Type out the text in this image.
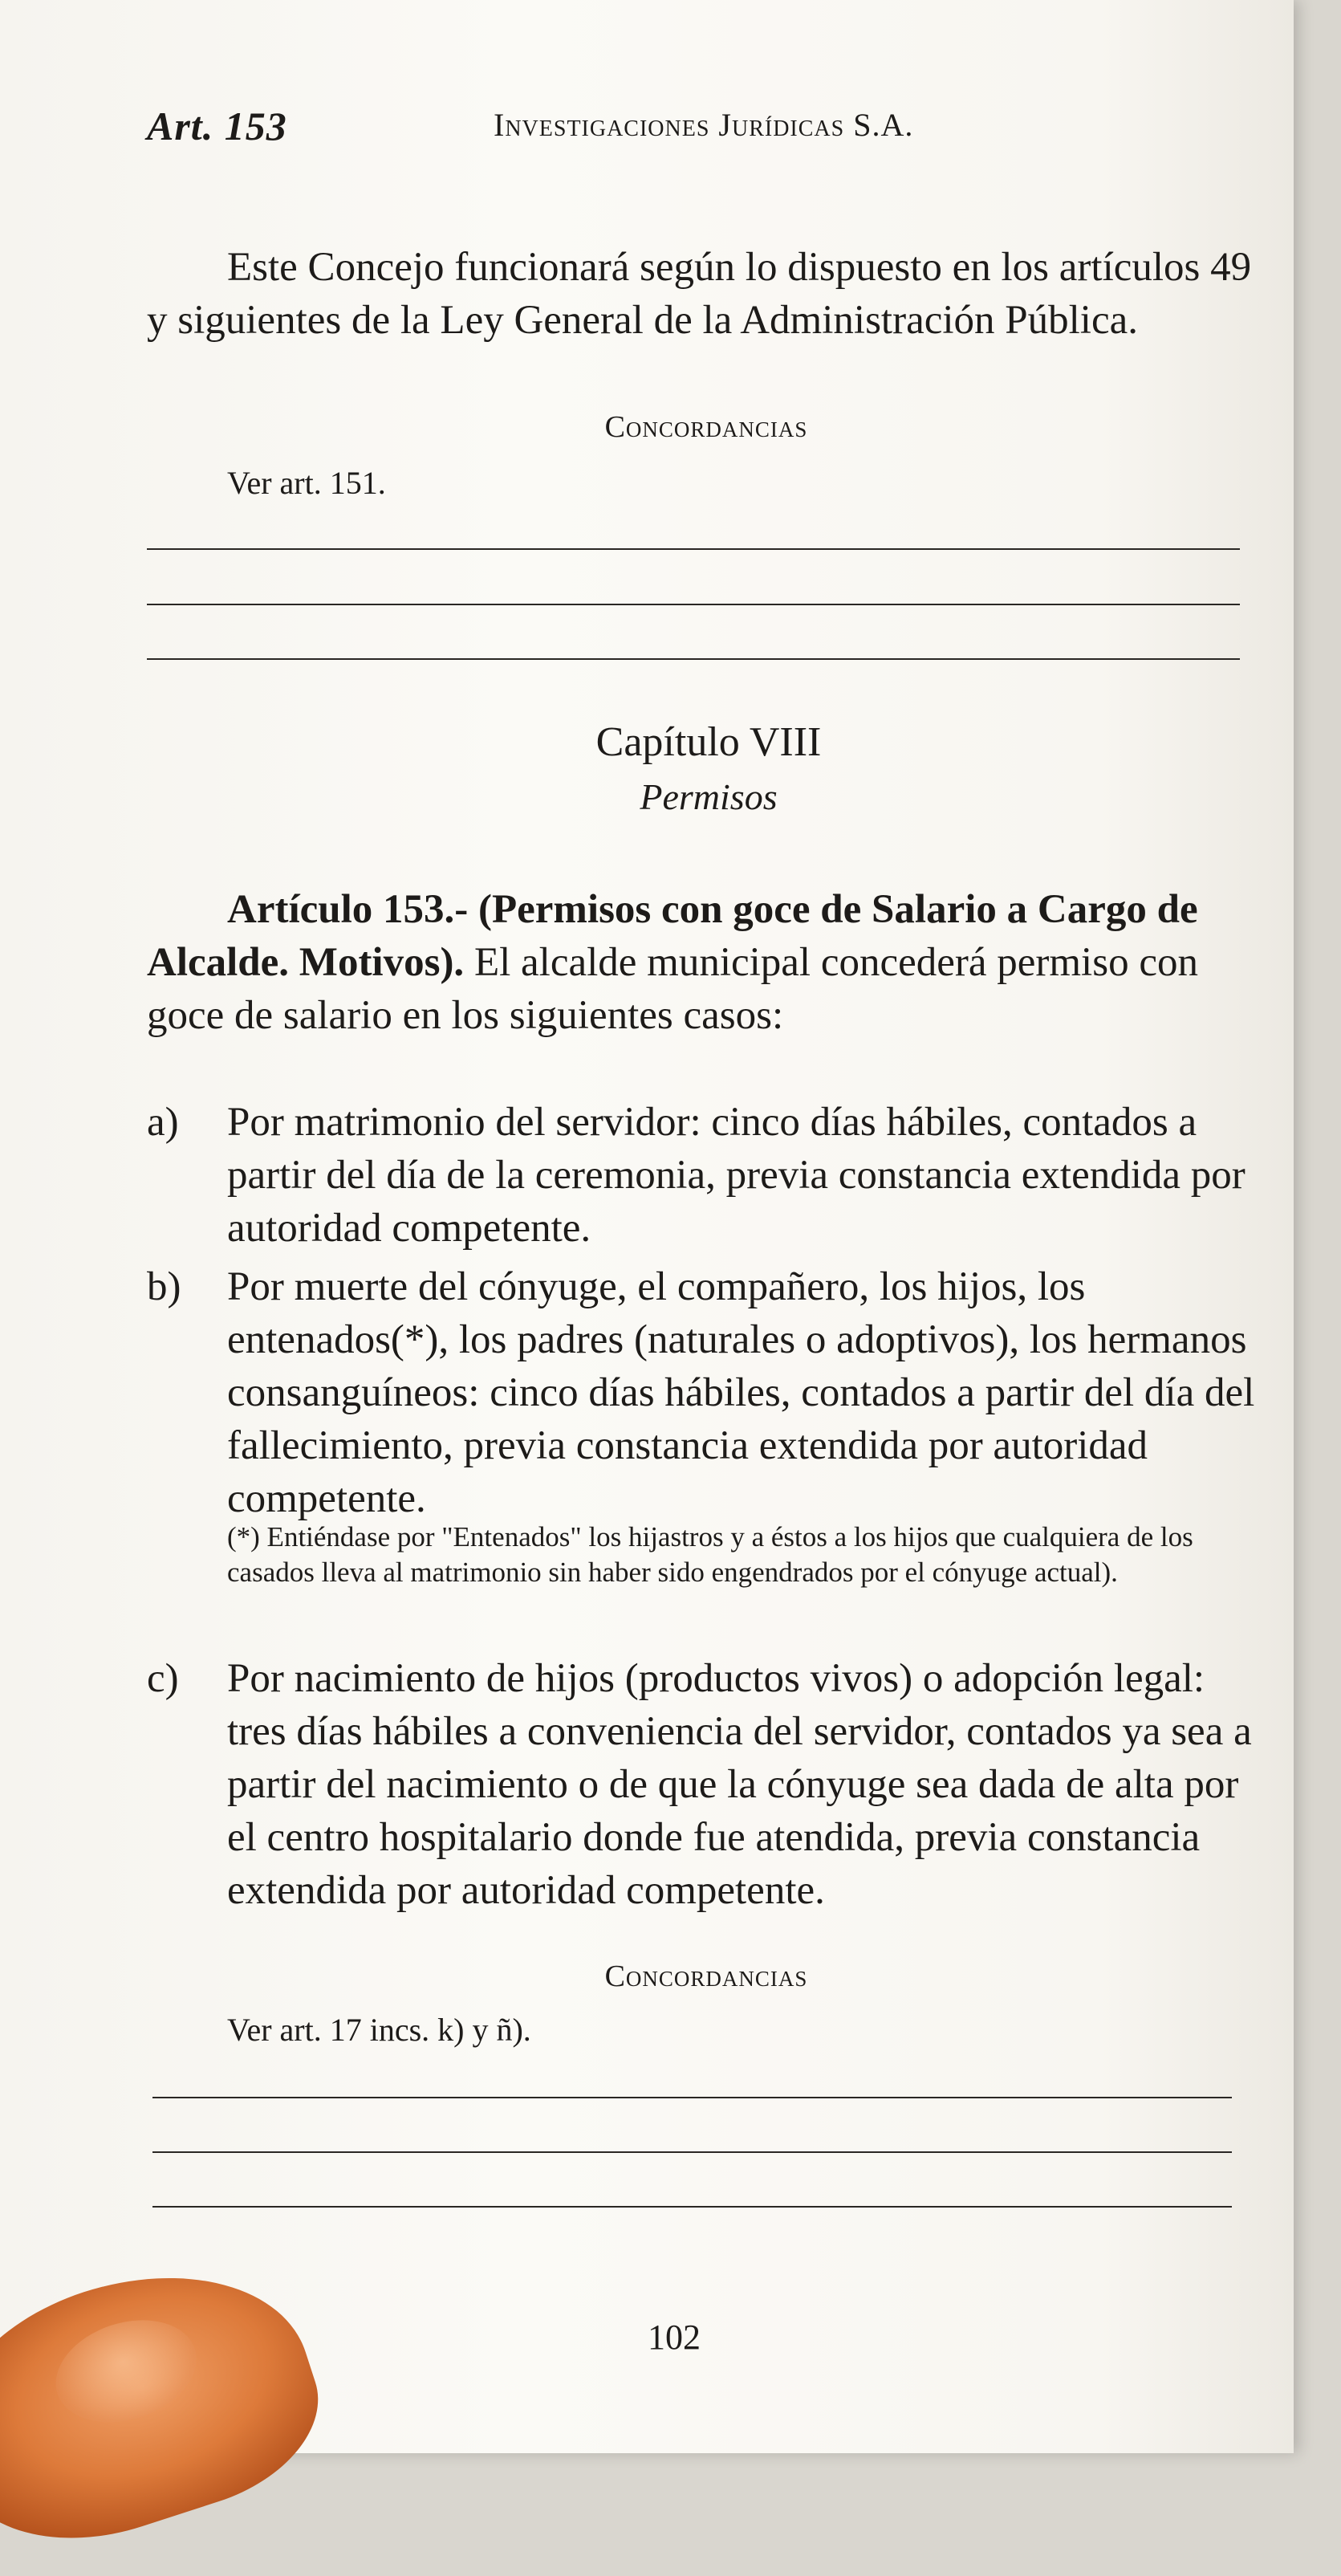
Art. 153	Investigaciones Jurídicas S.A.

Este Concejo funcionará según lo dispuesto en los artículos 49 y siguientes de la Ley General de la Administración Pública.

Concordancias
Ver art. 151.
Capítulo VIII
Permisos

Artículo 153.- (Permisos con goce de Salario a Cargo de Alcalde. Motivos). El alcalde municipal concederá permiso con goce de salario en los siguientes casos:

a) Por matrimonio del servidor: cinco días hábiles, contados a partir del día de la ceremonia, previa constancia extendida por autoridad competente.
b) Por muerte del cónyuge, el compañero, los hijos, los entenados(*), los padres (naturales o adoptivos), los hermanos consanguíneos: cinco días hábiles, contados a partir del día del fallecimiento, previa constancia extendida por autoridad competente.
(*) Entiéndase por "Entenados" los hijastros y a éstos a los hijos que cualquiera de los casados lleva al matrimonio sin haber sido engendrados por el cónyuge actual).
c) Por nacimiento de hijos (productos vivos) o adopción legal: tres días hábiles a conveniencia del servidor, contados ya sea a partir del nacimiento o de que la cónyuge sea dada de alta por el centro hospitalario donde fue atendida, previa constancia extendida por autoridad competente.
Concordancias
Ver art. 17 incs. k) y ñ).
102
